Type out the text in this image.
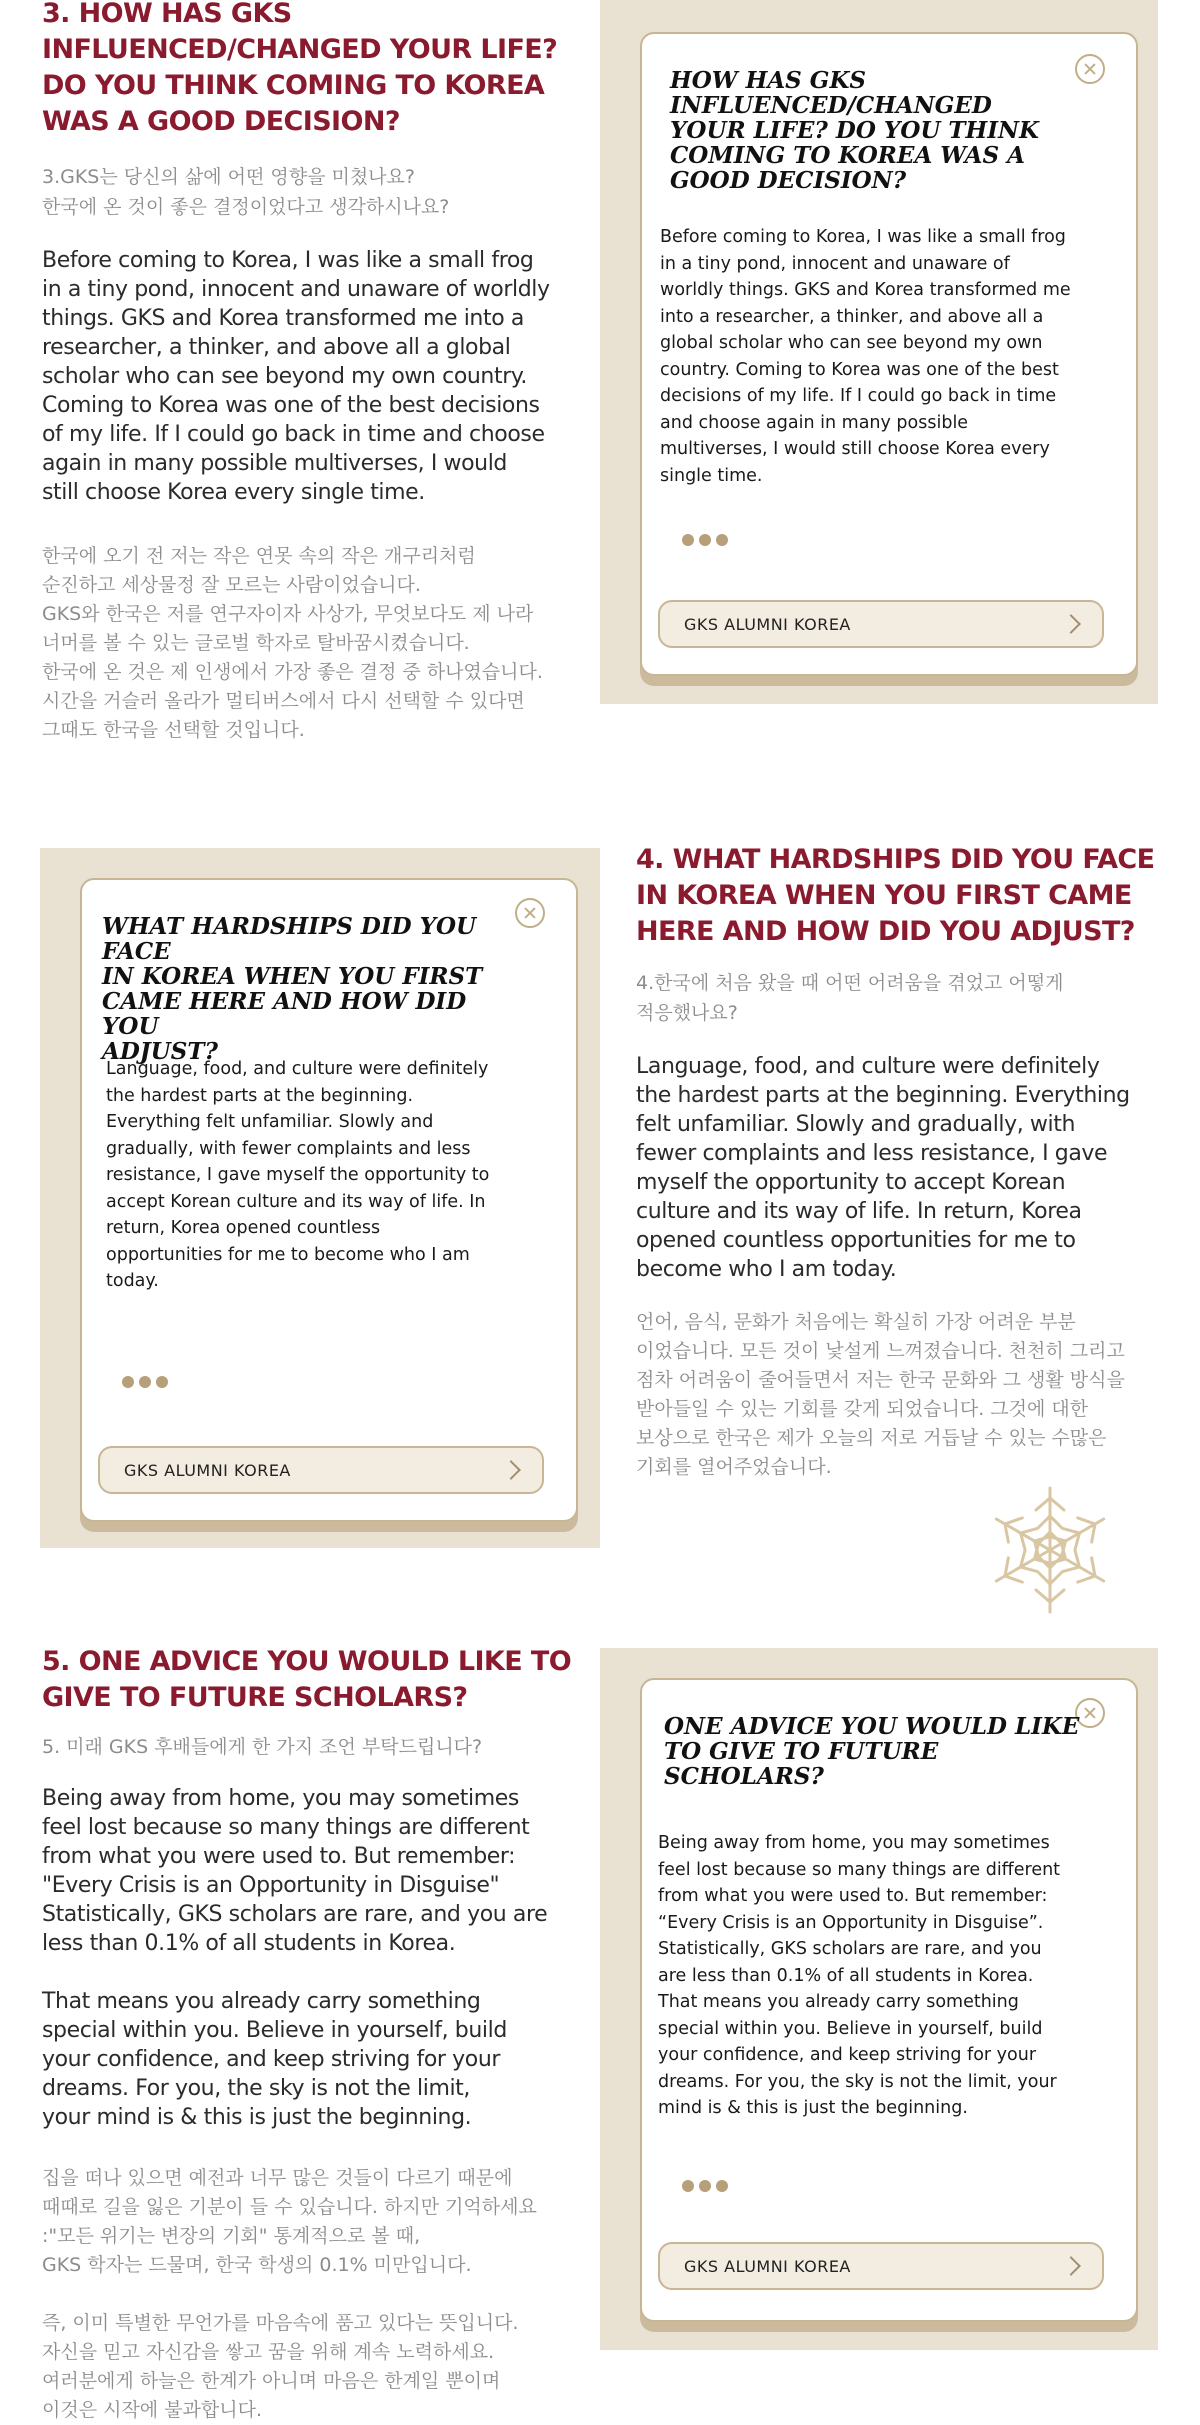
3. HOW HAS GKS
INFLUENCED/CHANGED YOUR LIFE?
DO YOU THINK COMING TO KOREA
WAS A GOOD DECISION?

3.GKS는 당신의 삶에 어떤 영향을 미쳤나요?
한국에 온 것이 좋은 결정이었다고 생각하시나요?

Before coming to Korea, I was like a small frog
in a tiny pond, innocent and unaware of worldly
things. GKS and Korea transformed me into a
researcher, a thinker, and above all a global
scholar who can see beyond my own country.
Coming to Korea was one of the best decisions
of my life. If I could go back in time and choose
again in many possible multiverses, I would
still choose Korea every single time.

한국에 오기 전 저는 작은 연못 속의 작은 개구리처럼
순진하고 세상물정 잘 모르는 사람이었습니다.
GKS와 한국은 저를 연구자이자 사상가, 무엇보다도 제 나라
너머를 볼 수 있는 글로벌 학자로 탈바꿈시켰습니다.
한국에 온 것은 제 인생에서 가장 좋은 결정 중 하나였습니다.
시간을 거슬러 올라가 멀티버스에서 다시 선택할 수 있다면
그때도 한국을 선택할 것입니다.

HOW HAS GKS
INFLUENCED/CHANGED
YOUR LIFE? DO YOU THINK
COMING TO KOREA WAS A
GOOD DECISION?

Before coming to Korea, I was like a small frog
in a tiny pond, innocent and unaware of
worldly things. GKS and Korea transformed me
into a researcher, a thinker, and above all a
global scholar who can see beyond my own
country. Coming to Korea was one of the best
decisions of my life. If I could go back in time
and choose again in many possible
multiverses, I would still choose Korea every
single time.

GKS ALUMNI KOREA
WHAT HARDSHIPS DID YOU FACE
IN KOREA WHEN YOU FIRST
CAME HERE AND HOW DID YOU
ADJUST?

Language, food, and culture were definitely
the hardest parts at the beginning.
Everything felt unfamiliar. Slowly and
gradually, with fewer complaints and less
resistance, I gave myself the opportunity to
accept Korean culture and its way of life. In
return, Korea opened countless
opportunities for me to become who I am
today.

GKS ALUMNI KOREA
4. WHAT HARDSHIPS DID YOU FACE
IN KOREA WHEN YOU FIRST CAME
HERE AND HOW DID YOU ADJUST?

4.한국에 처음 왔을 때 어떤 어려움을 겪었고 어떻게
적응했나요?

Language, food, and culture were definitely
the hardest parts at the beginning. Everything
felt unfamiliar. Slowly and gradually, with
fewer complaints and less resistance, I gave
myself the opportunity to accept Korean
culture and its way of life. In return, Korea
opened countless opportunities for me to
become who I am today.

언어, 음식, 문화가 처음에는 확실히 가장 어려운 부분
이었습니다. 모든 것이 낯설게 느껴졌습니다. 천천히 그리고
점차 어려움이 줄어들면서 저는 한국 문화와 그 생활 방식을
받아들일 수 있는 기회를 갖게 되었습니다. 그것에 대한
보상으로 한국은 제가 오늘의 저로 거듭날 수 있는 수많은
기회를 열어주었습니다.

5. ONE ADVICE YOU WOULD LIKE TO
GIVE TO FUTURE SCHOLARS?

5. 미래 GKS 후배들에게 한 가지 조언 부탁드립니다?

Being away from home, you may sometimes
feel lost because so many things are different
from what you were used to. But remember:
"Every Crisis is an Opportunity in Disguise"
Statistically, GKS scholars are rare, and you are
less than 0.1% of all students in Korea.

That means you already carry something
special within you. Believe in yourself, build
your confidence, and keep striving for your
dreams. For you, the sky is not the limit,
your mind is & this is just the beginning.

집을 떠나 있으면 예전과 너무 많은 것들이 다르기 때문에
때때로 길을 잃은 기분이 들 수 있습니다. 하지만 기억하세요
:"모든 위기는 변장의 기회" 통계적으로 볼 때,
GKS 학자는 드물며, 한국 학생의 0.1% 미만입니다.

즉, 이미 특별한 무언가를 마음속에 품고 있다는 뜻입니다.
자신을 믿고 자신감을 쌓고 꿈을 위해 계속 노력하세요.
여러분에게 하늘은 한계가 아니며 마음은 한계일 뿐이며
이것은 시작에 불과합니다.

ONE ADVICE YOU WOULD LIKE
TO GIVE TO FUTURE
SCHOLARS?

Being away from home, you may sometimes
feel lost because so many things are different
from what you were used to. But remember:
“Every Crisis is an Opportunity in Disguise”.
Statistically, GKS scholars are rare, and you
are less than 0.1% of all students in Korea.
That means you already carry something
special within you. Believe in yourself, build
your confidence, and keep striving for your
dreams. For you, the sky is not the limit, your
mind is & this is just the beginning.

GKS ALUMNI KOREA
